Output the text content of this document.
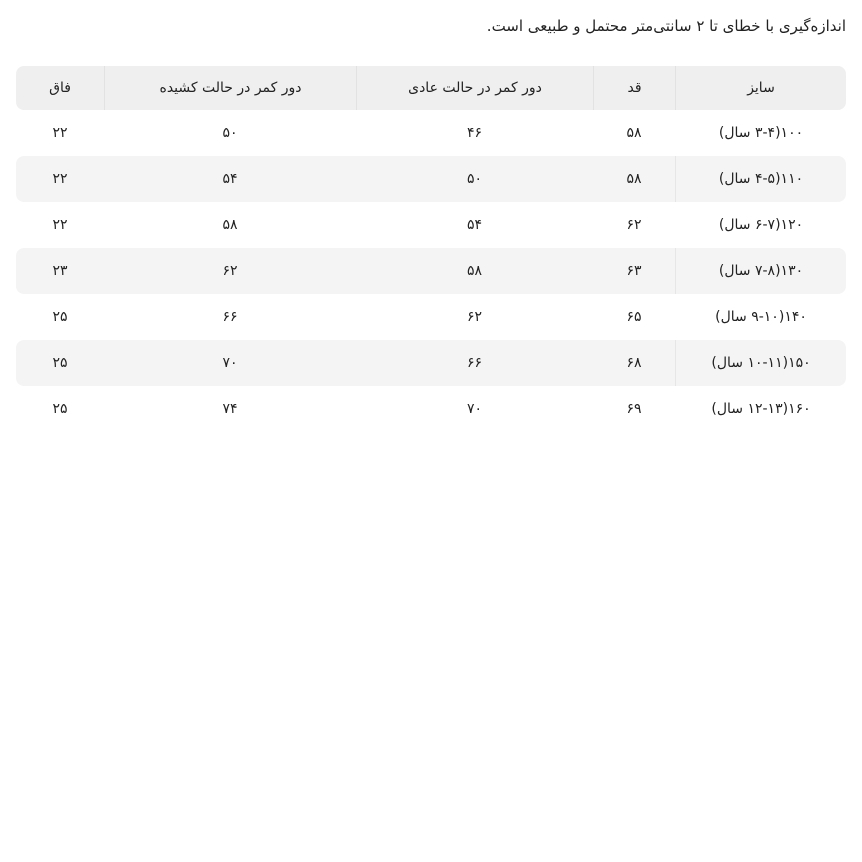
اندازه‌گیری با خطای تا ۲ سانتی‌متر محتمل و طبیعی است.
سایز	قد	دور کمر در حالت عادی	دور کمر در حالت کشیده	فاق
۱۰۰(۳-۴ سال)	۵۸	۴۶	۵۰	۲۲
۱۱۰(۴-۵ سال)	۵۸	۵۰	۵۴	۲۲
۱۲۰(۶-۷ سال)	۶۲	۵۴	۵۸	۲۲
۱۳۰(۷-۸ سال)	۶۳	۵۸	۶۲	۲۳
۱۴۰(۹-۱۰ سال)	۶۵	۶۲	۶۶	۲۵
۱۵۰(۱۰-۱۱ سال)	۶۸	۶۶	۷۰	۲۵
۱۶۰(۱۲-۱۳ سال)	۶۹	۷۰	۷۴	۲۵
